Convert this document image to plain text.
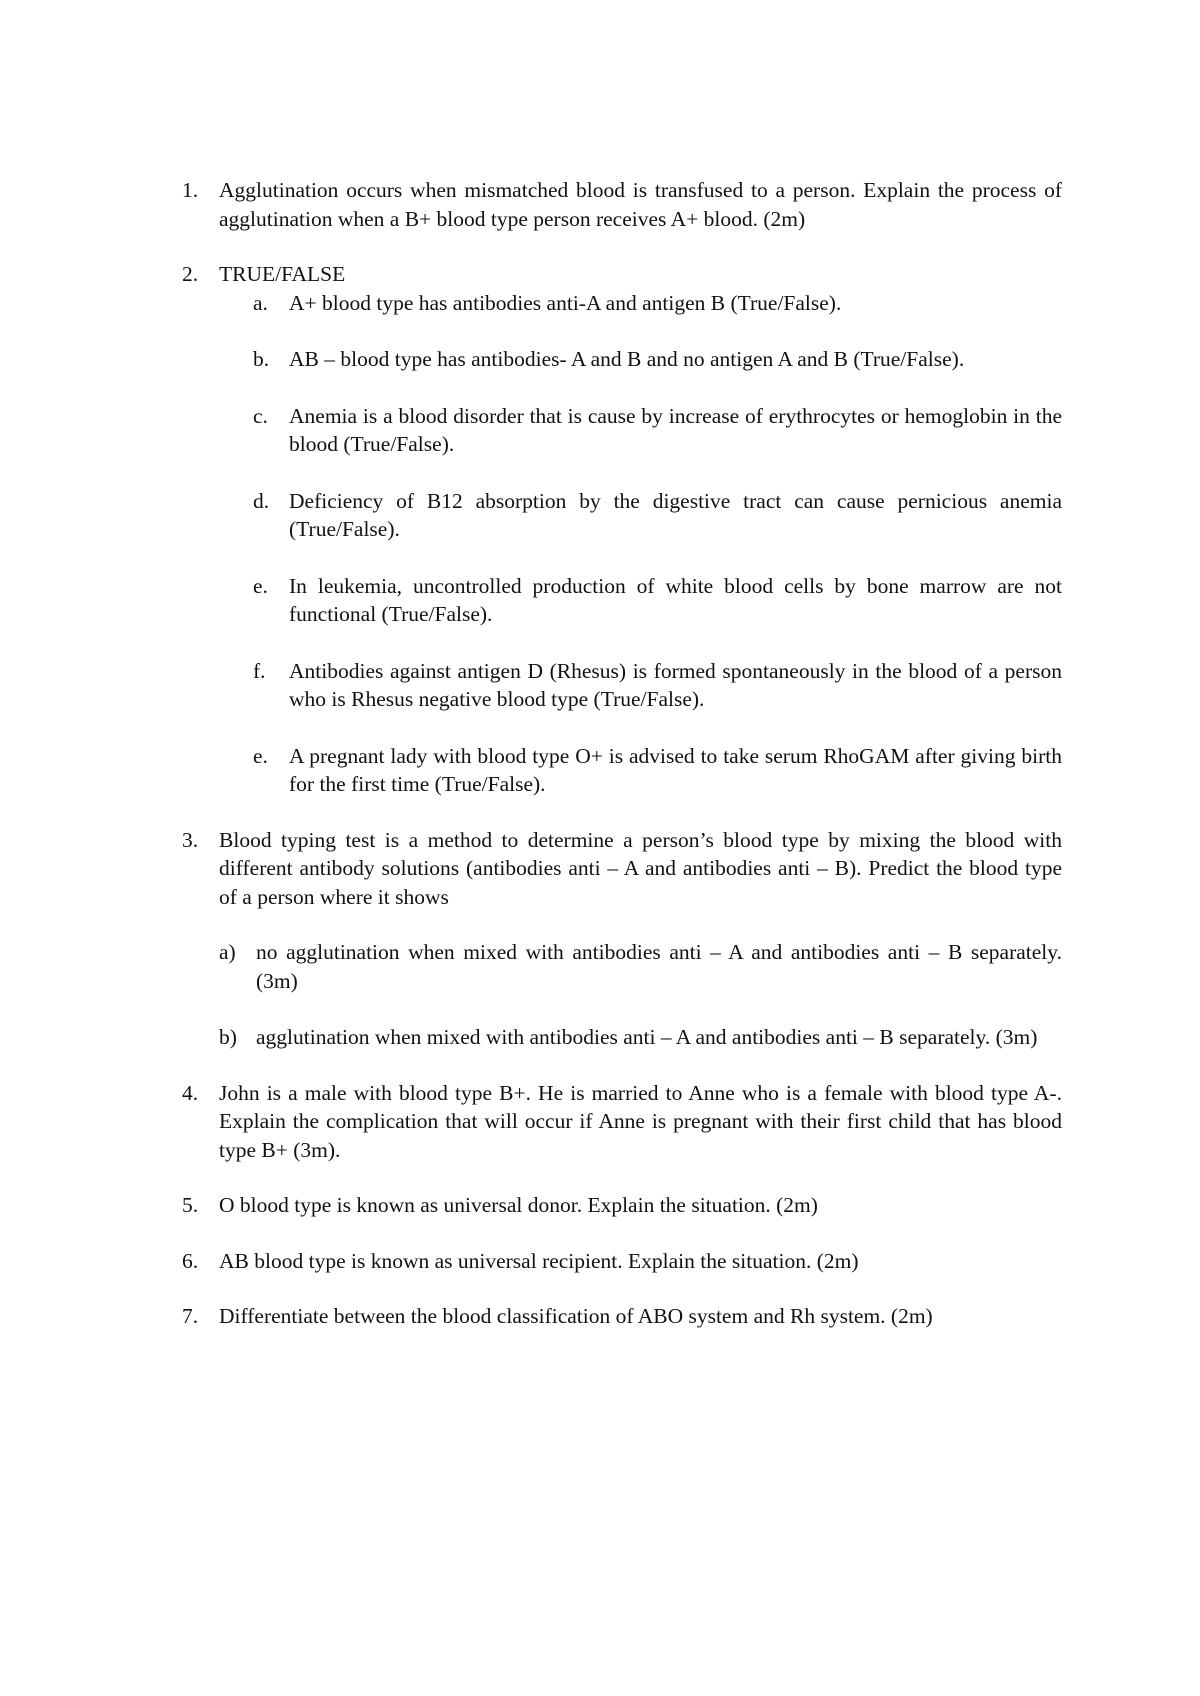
1. Agglutination occurs when mismatched blood is transfused to a person. Explain the process of agglutination when a B+ blood type person receives A+ blood. (2m)
2. TRUE/FALSE
a. A+ blood type has antibodies anti-A and antigen B (True/False).
b. AB – blood type has antibodies- A and B and no antigen A and B (True/False).
c. Anemia is a blood disorder that is cause by increase of erythrocytes or hemoglobin in the blood (True/False).
d. Deficiency of B12 absorption by the digestive tract can cause pernicious anemia (True/False).
e. In leukemia, uncontrolled production of white blood cells by bone marrow are not functional (True/False).
f.	Antibodies against antigen D (Rhesus) is formed spontaneously in the blood of a person who is Rhesus negative blood type (True/False).
e. A pregnant lady with blood type O+ is advised to take serum RhoGAM after giving birth for the first time (True/False).
3. Blood typing test is a method to determine a person’s blood type by mixing the blood with different antibody solutions (antibodies anti – A and antibodies anti – B). Predict the blood type of a person where it shows
a) no agglutination when mixed with antibodies anti – A and antibodies anti – B separately. (3m)
b) agglutination when mixed with antibodies anti – A and antibodies anti – B separately. (3m)
4. John is a male with blood type B+. He is married to Anne who is a female with blood type A-. Explain the complication that will occur if Anne is pregnant with their first child that has blood type B+ (3m).
5. O blood type is known as universal donor. Explain the situation. (2m)
6. AB blood type is known as universal recipient. Explain the situation. (2m)
7. Differentiate between the blood classification of ABO system and Rh system. (2m)
